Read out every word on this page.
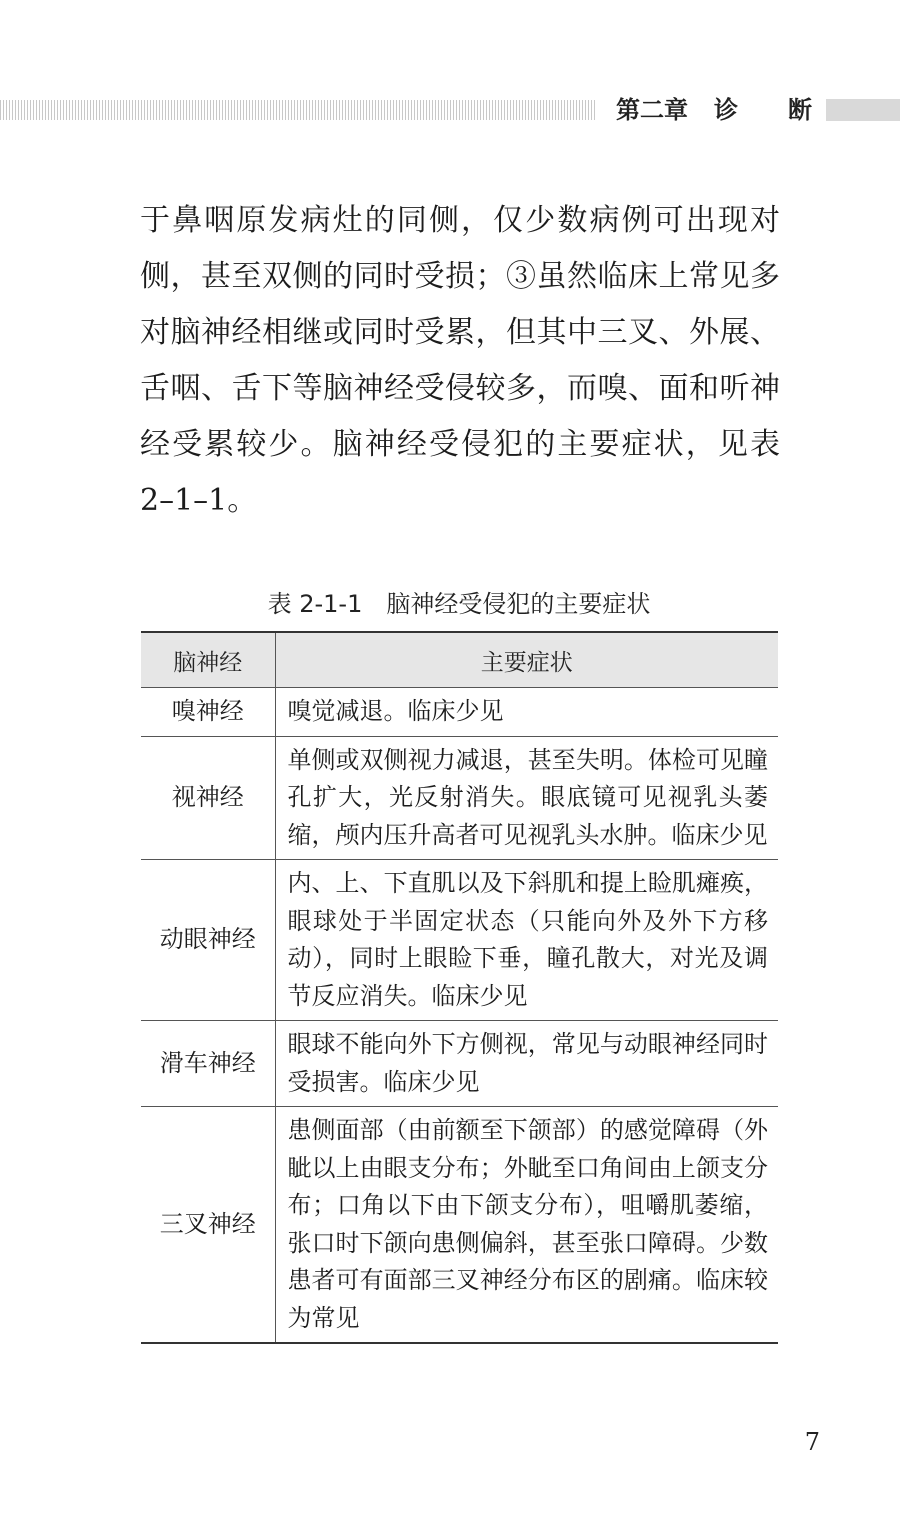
第二章 诊 断

于鼻咽原发病灶的同侧，仅少数病例可出现对侧，甚至双侧的同时受损；③虽然临床上常见多对脑神经相继或同时受累，但其中三叉、外展、舌咽、舌下等脑神经受侵较多，而嗅、面和听神经受累较少。脑神经受侵犯的主要症状，见表 2–1–1。

表 2-1-1　脑神经受侵犯的主要症状
脑神经	主要症状
嗅神经	嗅觉减退。临床少见
视神经	单侧或双侧视力减退，甚至失明。体检可见瞳孔扩大，光反射消失。眼底镜可见视乳头萎缩，颅内压升高者可见视乳头水肿。临床少见
动眼神经	内、上、下直肌以及下斜肌和提上睑肌瘫痪，眼球处于半固定状态（只能向外及外下方移动），同时上眼睑下垂，瞳孔散大，对光及调节反应消失。临床少见
滑车神经	眼球不能向外下方侧视，常见与动眼神经同时受损害。临床少见
三叉神经	患侧面部（由前额至下颌部）的感觉障碍（外眦以上由眼支分布；外眦至口角间由上颌支分布；口角以下由下颌支分布），咀嚼肌萎缩，张口时下颌向患侧偏斜，甚至张口障碍。少数患者可有面部三叉神经分布区的剧痛。临床较为常见
7
